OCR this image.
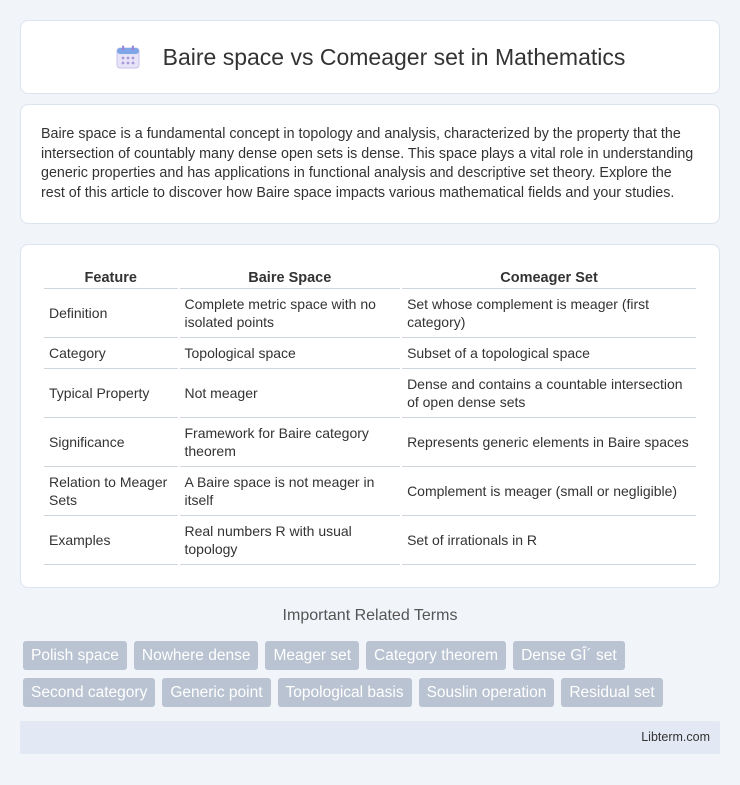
Baire space vs Comeager set in Mathematics

Baire space is a fundamental concept in topology and analysis, characterized by the property that the intersection of countably many dense open sets is dense. This space plays a vital role in understanding generic properties and has applications in functional analysis and descriptive set theory. Explore the rest of this article to discover how Baire space impacts various mathematical fields and your studies.

Feature	Baire Space	Comeager Set
Definition	Complete metric space with no isolated points	Set whose complement is meager (first category)
Category	Topological space	Subset of a topological space
Typical Property	Not meager	Dense and contains a countable intersection of open dense sets
Significance	Framework for Baire category theorem	Represents generic elements in Baire spaces
Relation to Meager Sets	A Baire space is not meager in itself	Complement is meager (small or negligible)
Examples	Real numbers R with usual topology	Set of irrationals in R
Important Related Terms
Polish space	Nowhere dense	Meager set	Category theorem	Dense GÎ´ set
Second category	Generic point	Topological basis	Souslin operation	Residual set
Libterm.com
